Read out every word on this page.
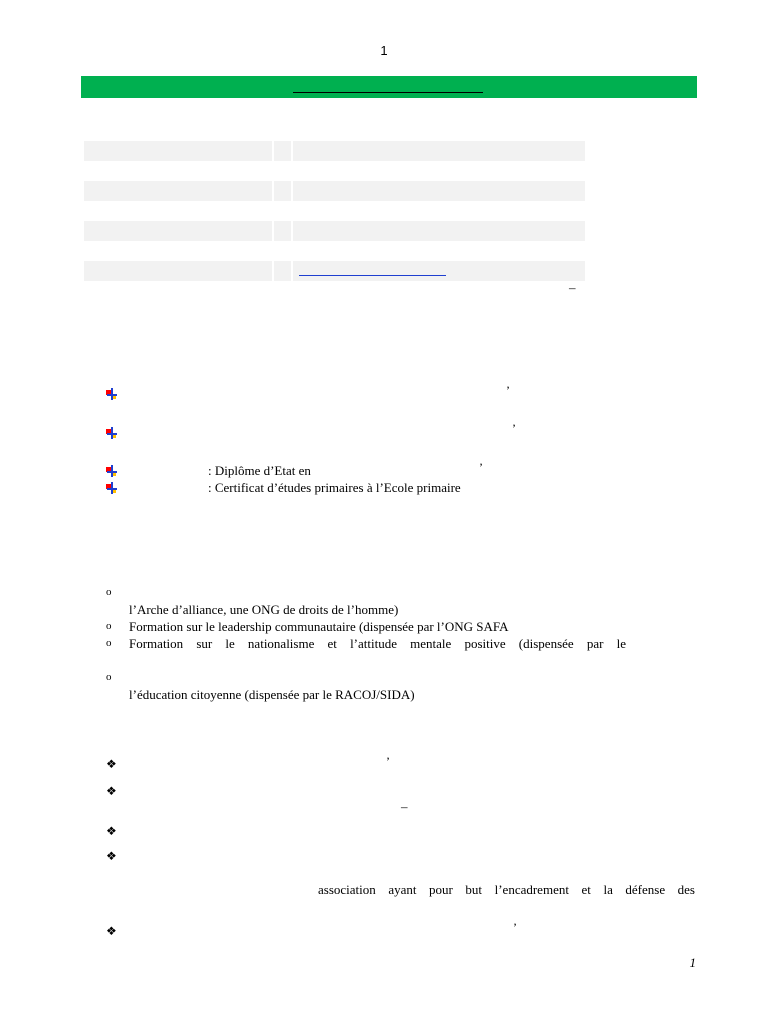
1
–
’
’
: Diplôme d’Etat en	’
: Certificat d’études primaires à l’Ecole primaire
o
l’Arche d’alliance, une ONG de droits de l’homme)
o Formation sur le leadership communautaire (dispensée par l’ONG SAFA
o Formation sur le nationalisme et l’attitude mentale positive (dispensée par le
o
l’éducation citoyenne (dispensée par le RACOJ/SIDA)
❖	’
❖
–
❖
❖
association ayant pour but l’encadrement et la défense des
❖	’
1
